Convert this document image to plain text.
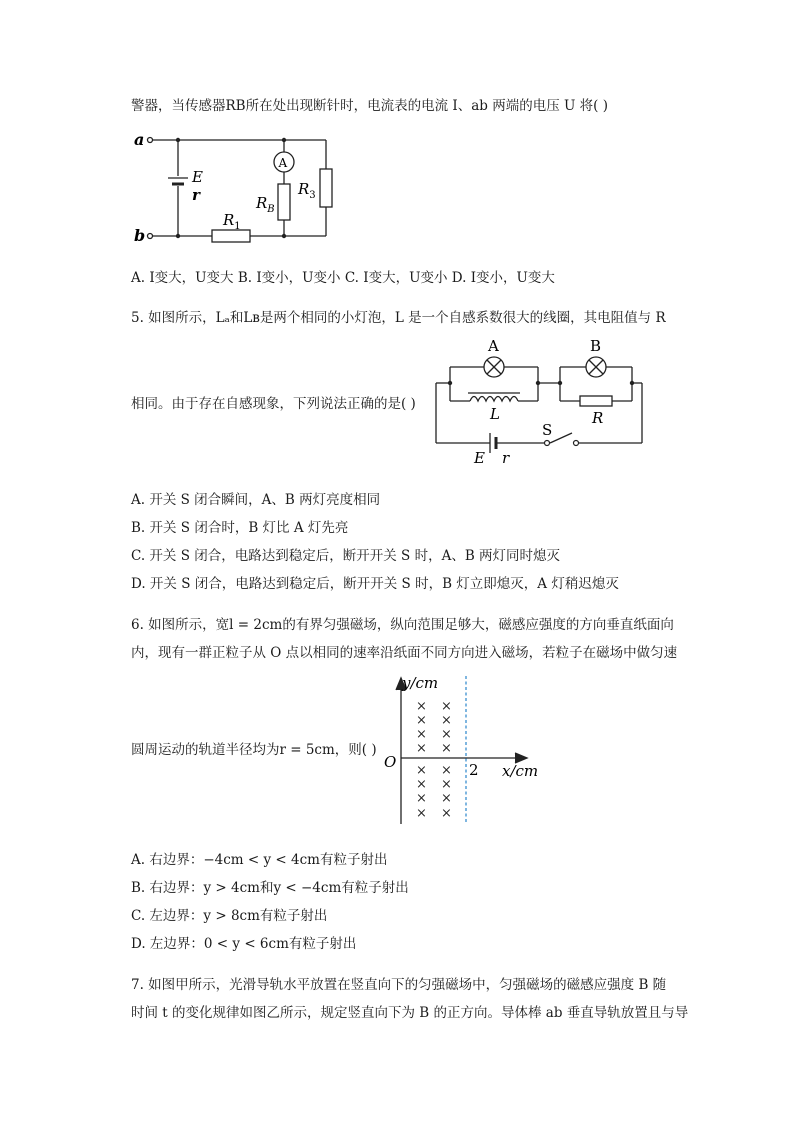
警器，当传感器RB所在处出现断针时，电流表的电流 I、ab 两端的电压 U 将( )
a
b
E
r
A
$R_B$
$R_1$
$R_3$
A. I变大，U变大 B. I变小，U变小 C. I变大，U变小 D. I变小，U变大
5. 如图所示，Lₐ和Lʙ是两个相同的小灯泡，L 是一个自感系数很大的线圈，其电阻值与 R
相同。由于存在自感现象，下列说法正确的是( )
A	B
L	R
S
E r
A. 开关 S 闭合瞬间，A、B 两灯亮度相同
B. 开关 S 闭合时，B 灯比 A 灯先亮
C. 开关 S 闭合，电路达到稳定后，断开开关 S 时，A、B 两灯同时熄灭
D. 开关 S 闭合，电路达到稳定后，断开开关 S 时，B 灯立即熄灭，A 灯稍迟熄灭
6. 如图所示，宽l = 2cm的有界匀强磁场，纵向范围足够大，磁感应强度的方向垂直纸面向
内，现有一群正粒子从 O 点以相同的速率沿纸面不同方向进入磁场，若粒子在磁场中做匀速
圆周运动的轨道半径均为r = 5cm，则( )
y/cm
x/cm
O	2
× ×
× ×
× ×
× ×
× ×
× ×
× ×
× ×
A. 右边界：−4cm < y < 4cm有粒子射出
B. 右边界：y > 4cm和y < −4cm有粒子射出
C. 左边界：y > 8cm有粒子射出
D. 左边界：0 < y < 6cm有粒子射出
7. 如图甲所示，光滑导轨水平放置在竖直向下的匀强磁场中，匀强磁场的磁感应强度 B 随
时间 t 的变化规律如图乙所示，规定竖直向下为 B 的正方向。导体棒 ab 垂直导轨放置且与导
